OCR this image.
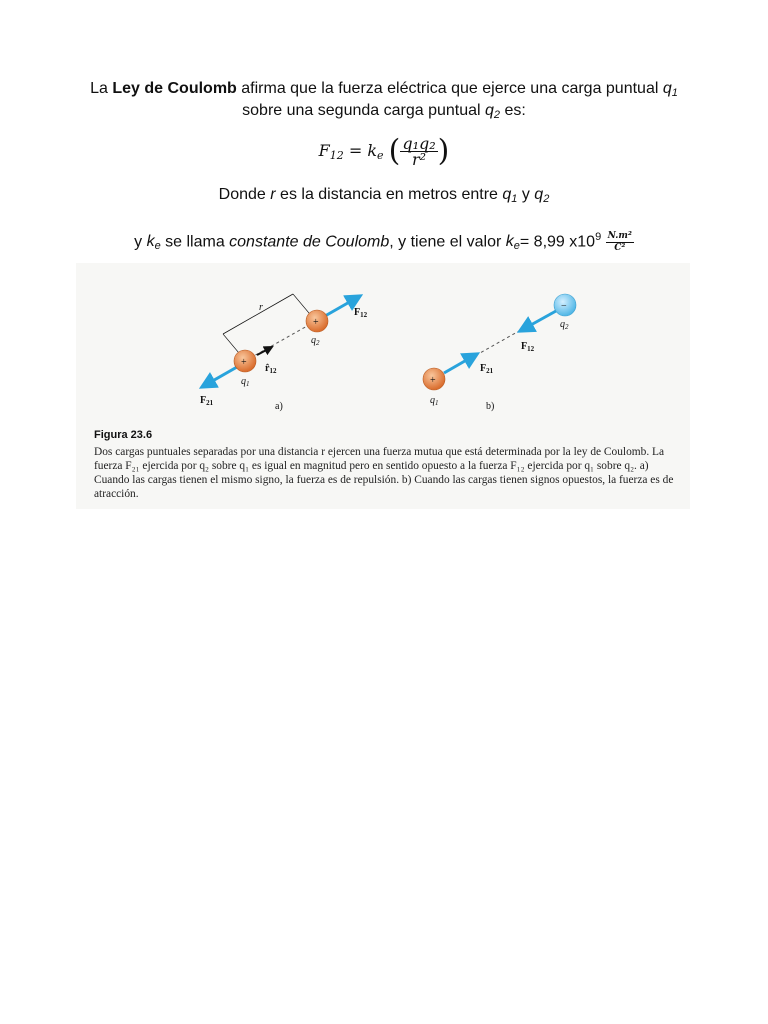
La Ley de Coulomb afirma que la fuerza eléctrica que ejerce una carga puntual $q_1$
sobre una segunda carga puntual $q_2$ es:
$F_{12} = k_e$ ( $\frac{\text{q₁q₂}}{\text{r²}}$ )
Donde r es la distancia en metros entre $q_1$ y $q_2$
y $k_e$ se llama constante de Coulomb, y tiene el valor $k_e= 8,99$ $x10^9 \frac{\text{N.m²}}{\text{C²}}$
r
+
+
$q_1$
$q_2$
$r̂_{12}$
$F_{12}$
$F_{21}$	a)
+
−
$q_1$
$q_2$
$F_{12}$
$F_{21}$
b)
Figura 23.6
Dos cargas puntuales separadas por una distancia r ejercen una fuerza mutua que está determinada por la ley de Coulomb. La fuerza F₂₁ ejercida por q₂ sobre q₁ es igual en magnitud pero en sentido opuesto a la fuerza F₁₂ ejercida por q₁ sobre q₂. a) Cuando las cargas tienen el mismo signo, la fuerza es de repulsión. b) Cuando las cargas tienen signos opuestos, la fuerza es de atracción.
